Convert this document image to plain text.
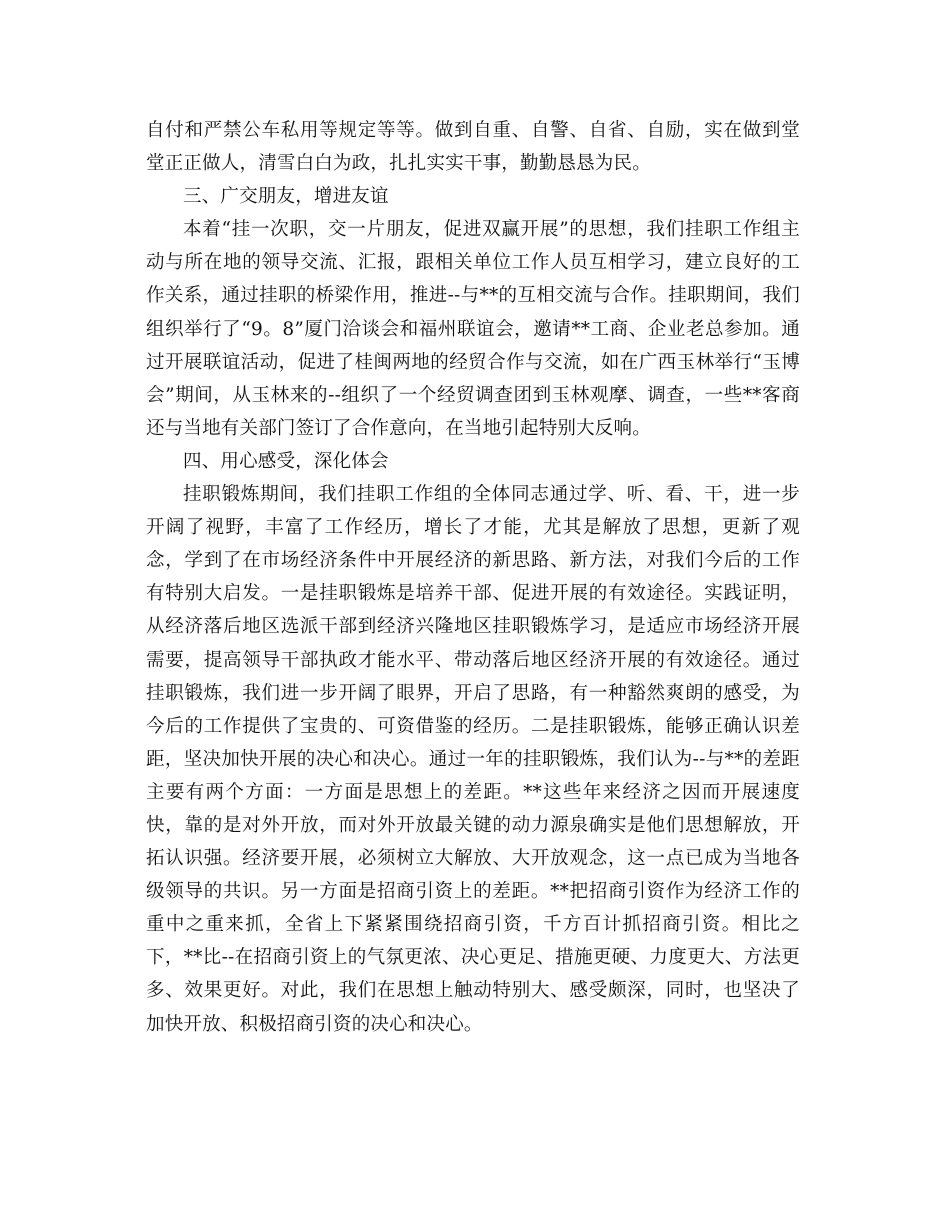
自付和严禁公车私用等规定等等。做到自重、自警、自省、自励，实在做到堂堂正正做人，清雪白白为政，扎扎实实干事，勤勤恳恳为民。

三、广交朋友，增进友谊

本着“挂一次职，交一片朋友，促进双赢开展”的思想，我们挂职工作组主动与所在地的领导交流、汇报，跟相关单位工作人员互相学习，建立良好的工作关系，通过挂职的桥梁作用，推进--与**的互相交流与合作。挂职期间，我们组织举行了“9。8”厦门洽谈会和福州联谊会，邀请**工商、企业老总参加。通过开展联谊活动，促进了桂闽两地的经贸合作与交流，如在广西玉林举行“玉博会”期间，从玉林来的--组织了一个经贸调查团到玉林观摩、调查，一些**客商还与当地有关部门签订了合作意向，在当地引起特别大反响。

四、用心感受，深化体会

挂职锻炼期间，我们挂职工作组的全体同志通过学、听、看、干，进一步开阔了视野，丰富了工作经历，增长了才能，尤其是解放了思想，更新了观念，学到了在市场经济条件中开展经济的新思路、新方法，对我们今后的工作有特别大启发。一是挂职锻炼是培养干部、促进开展的有效途径。实践证明，从经济落后地区选派干部到经济兴隆地区挂职锻炼学习，是适应市场经济开展需要，提高领导干部执政才能水平、带动落后地区经济开展的有效途径。通过挂职锻炼，我们进一步开阔了眼界，开启了思路，有一种豁然爽朗的感受，为今后的工作提供了宝贵的、可资借鉴的经历。二是挂职锻炼，能够正确认识差距，坚决加快开展的决心和决心。通过一年的挂职锻炼，我们认为--与**的差距主要有两个方面：一方面是思想上的差距。**这些年来经济之因而开展速度快，靠的是对外开放，而对外开放最关键的动力源泉确实是他们思想解放，开拓认识强。经济要开展，必须树立大解放、大开放观念，这一点已成为当地各级领导的共识。另一方面是招商引资上的差距。**把招商引资作为经济工作的重中之重来抓，全省上下紧紧围绕招商引资，千方百计抓招商引资。相比之下，**比--在招商引资上的气氛更浓、决心更足、措施更硬、力度更大、方法更多、效果更好。对此，我们在思想上触动特别大、感受颇深，同时，也坚决了加快开放、积极招商引资的决心和决心。
